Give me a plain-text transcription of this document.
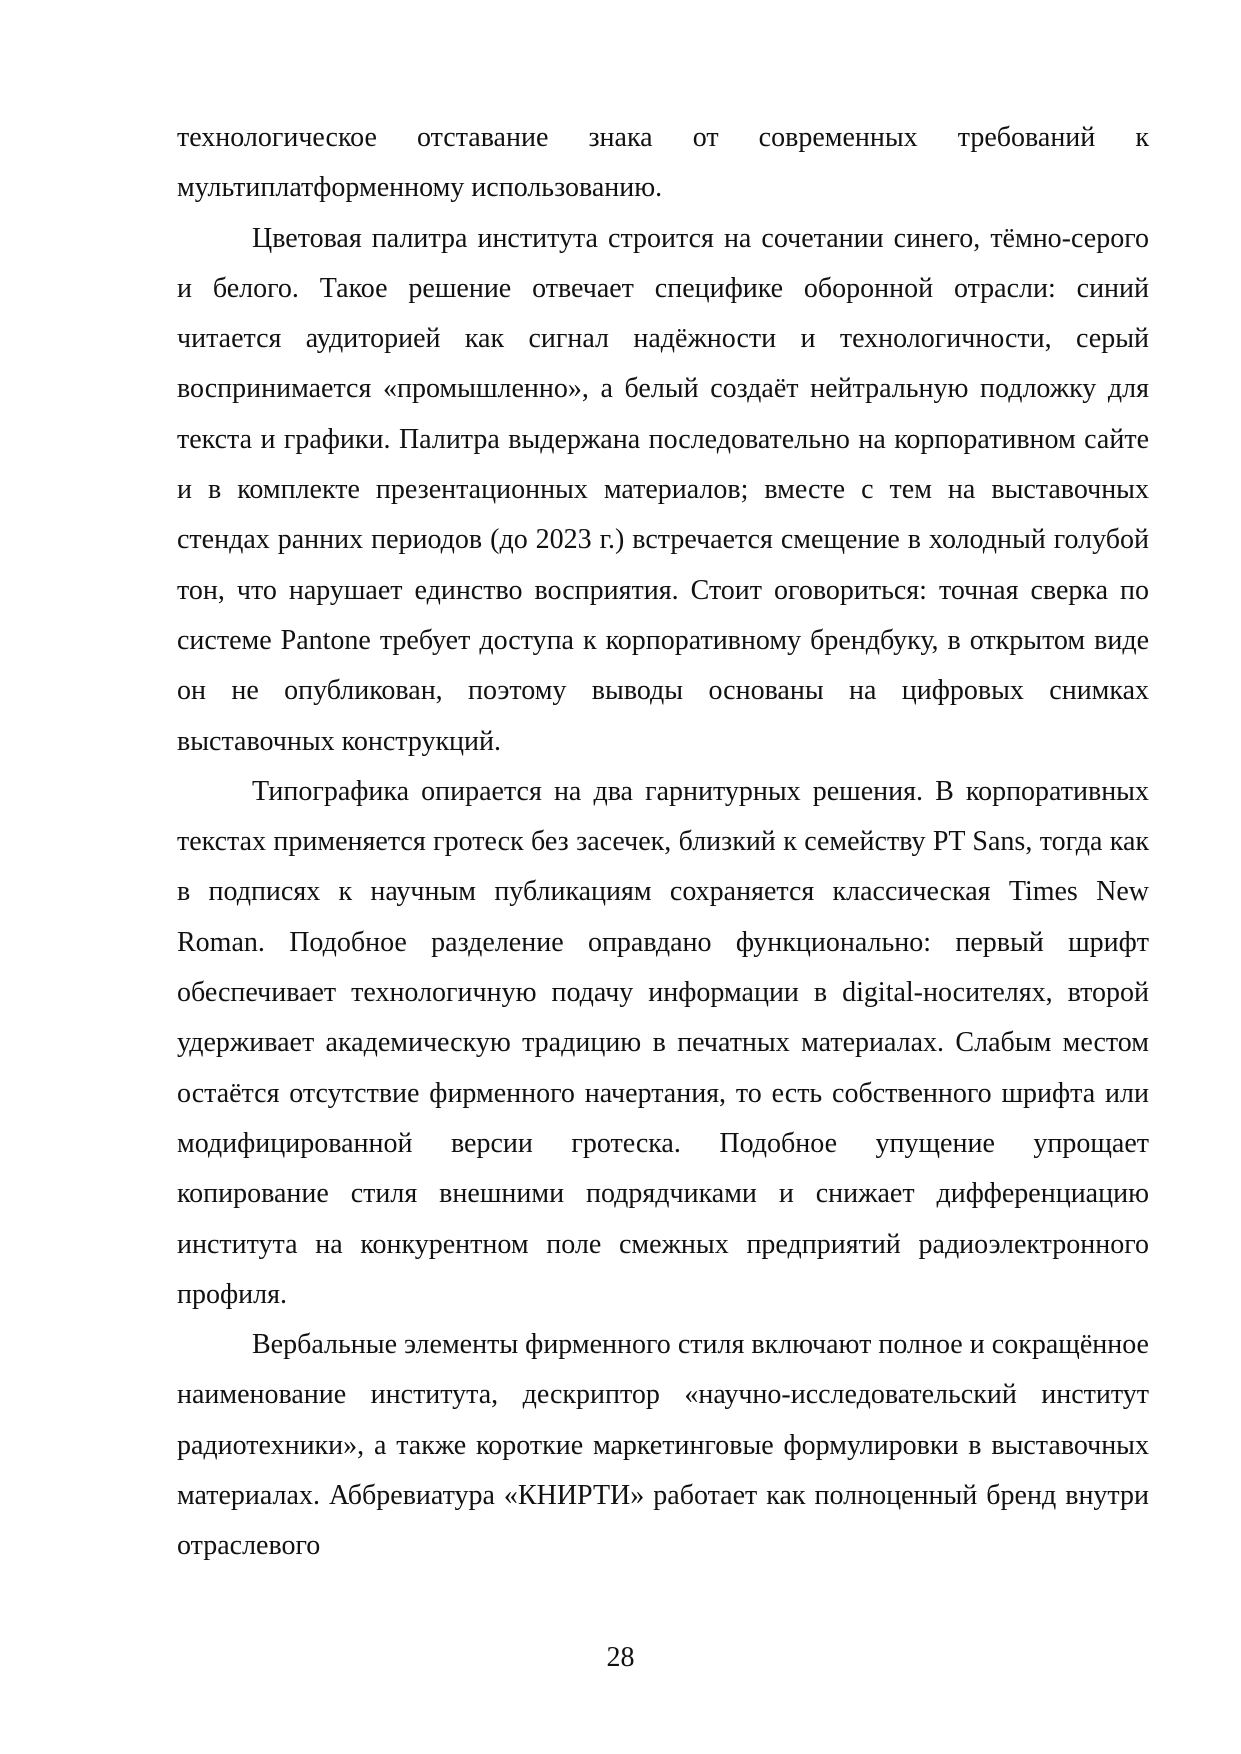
технологическое отставание знака от современных требований к мультиплатформенному использованию.

Цветовая палитра института строится на сочетании синего, тёмно-серого и белого. Такое решение отвечает специфике оборонной отрасли: синий читается аудиторией как сигнал надёжности и технологичности, серый воспринимается «промышленно», а белый создаёт нейтральную подложку для текста и графики. Палитра выдержана последовательно на корпоративном сайте и в комплекте презентационных материалов; вместе с тем на выставочных стендах ранних периодов (до 2023 г.) встречается смещение в холодный голубой тон, что нарушает единство восприятия. Стоит оговориться: точная сверка по системе Pantone требует доступа к корпоративному брендбуку, в открытом виде он не опубликован, поэтому выводы основаны на цифровых снимках выставочных конструкций.

Типографика опирается на два гарнитурных решения. В корпоративных текстах применяется гротеск без засечек, близкий к семейству PT Sans, тогда как в подписях к научным публикациям сохраняется классическая Times New Roman. Подобное разделение оправдано функционально: первый шрифт обеспечивает технологичную подачу информации в digital-носителях, второй удерживает академическую традицию в печатных материалах. Слабым местом остаётся отсутствие фирменного начертания, то есть собственного шрифта или модифицированной версии гротеска. Подобное упущение упрощает копирование стиля внешними подрядчиками и снижает дифференциацию института на конкурентном поле смежных предприятий радиоэлектронного профиля.

Вербальные элементы фирменного стиля включают полное и сокращённое наименование института, дескриптор «научно-исследовательский институт радиотехники», а также короткие маркетинговые формулировки в выставочных материалах. Аббревиатура «КНИРТИ» работает как полноценный бренд внутри отраслевого

28
